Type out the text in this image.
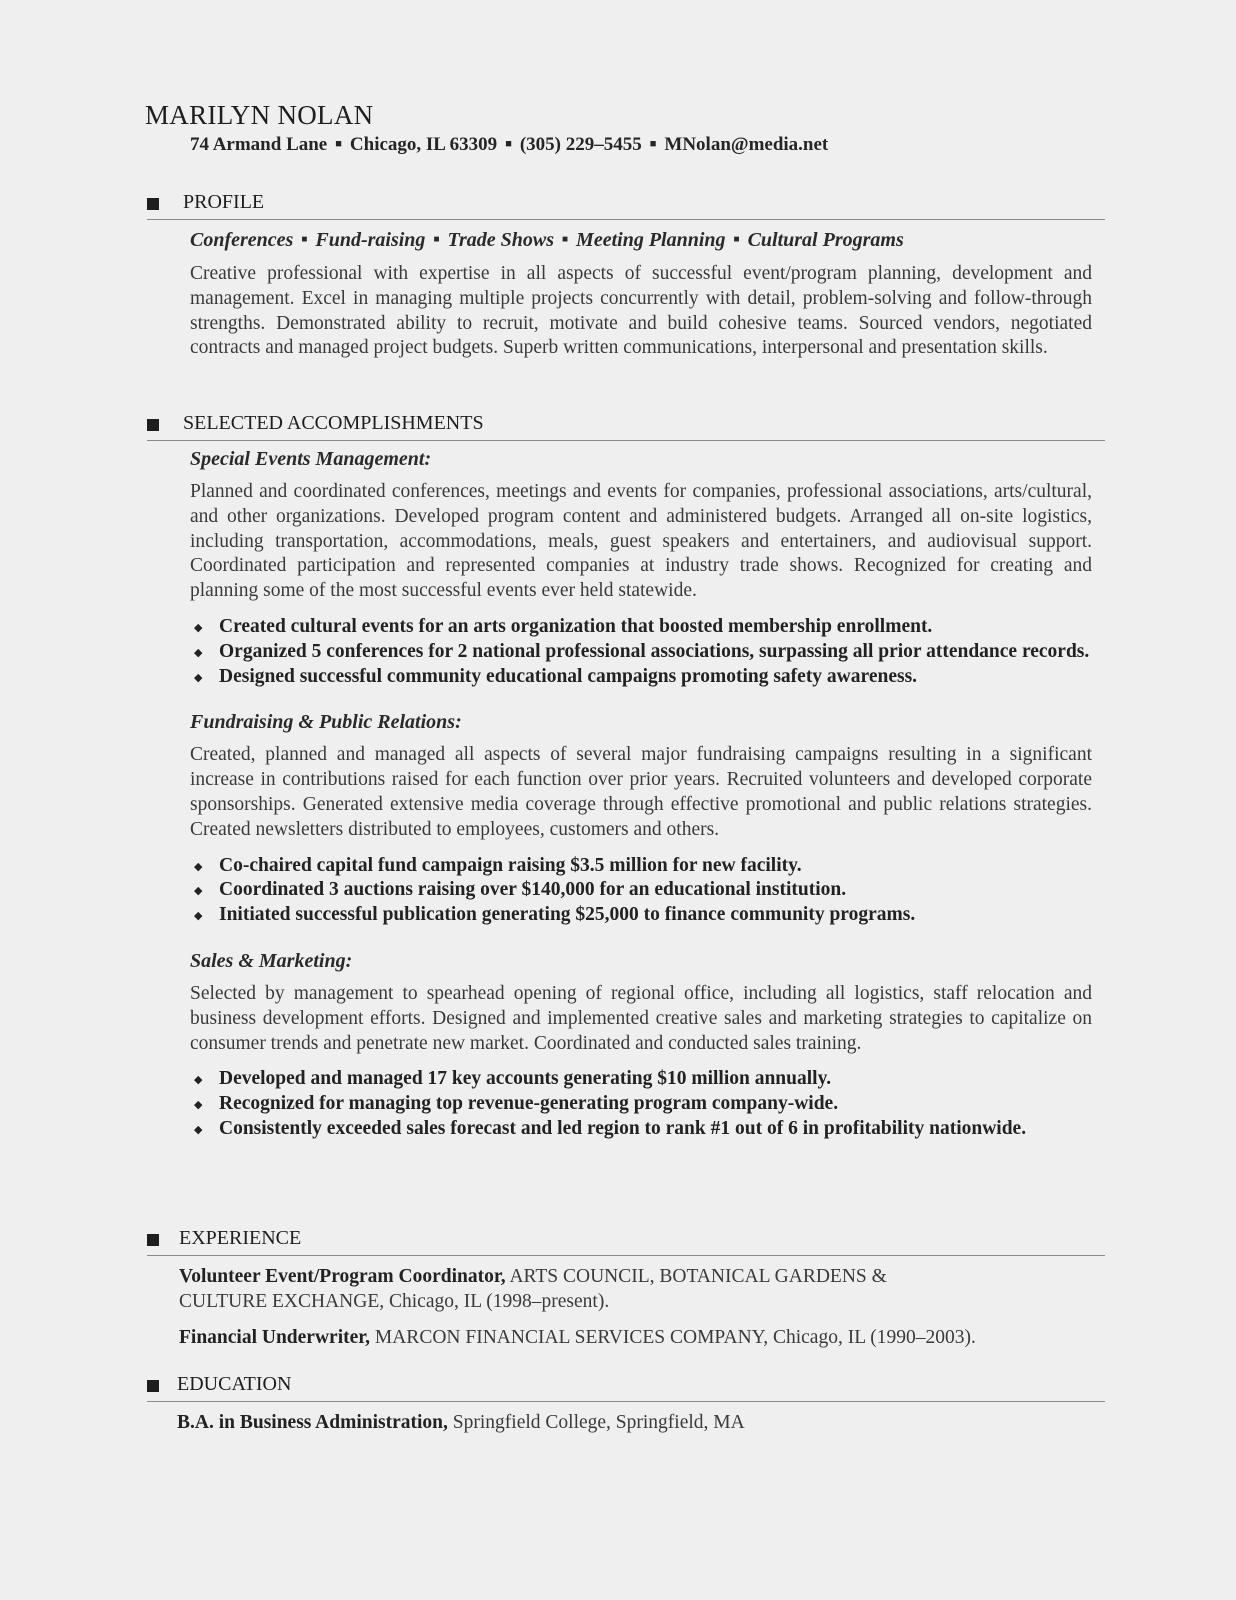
MARILYN NOLAN
74 Armand Lane ■ Chicago, IL 63309 ■ (305) 229–5455 ■ MNolan@media.net
PROFILE
Conferences ■ Fund-raising ■ Trade Shows ■ Meeting Planning ■ Cultural Programs

Creative professional with expertise in all aspects of successful event/program planning, development and management. Excel in managing multiple projects concurrently with detail, problem-solving and follow-through strengths. Demonstrated ability to recruit, motivate and build cohesive teams. Sourced vendors, negotiated contracts and managed project budgets. Superb written communications, interpersonal and presentation skills.

SELECTED ACCOMPLISHMENTS
Special Events Management:

Planned and coordinated conferences, meetings and events for companies, professional associations, arts/cultural, and other organizations. Developed program content and administered budgets. Arranged all on-site logistics, including transportation, accommodations, meals, guest speakers and entertainers, and audiovisual support. Coordinated participation and represented companies at industry trade shows. Recognized for creating and planning some of the most successful events ever held statewide.

◆ Created cultural events for an arts organization that boosted membership enrollment.
◆ Organized 5 conferences for 2 national professional associations, surpassing all prior attendance records.
◆ Designed successful community educational campaigns promoting safety awareness.
Fundraising & Public Relations:

Created, planned and managed all aspects of several major fundraising campaigns resulting in a significant increase in contributions raised for each function over prior years. Recruited volunteers and developed corporate sponsorships. Generated extensive media coverage through effective promotional and public relations strategies. Created newsletters distributed to employees, customers and others.

◆ Co-chaired capital fund campaign raising $3.5 million for new facility.
◆ Coordinated 3 auctions raising over $140,000 for an educational institution.
◆ Initiated successful publication generating $25,000 to finance community programs.
Sales & Marketing:

Selected by management to spearhead opening of regional office, including all logistics, staff relocation and business development efforts. Designed and implemented creative sales and marketing strategies to capitalize on consumer trends and penetrate new market. Coordinated and conducted sales training.

◆ Developed and managed 17 key accounts generating $10 million annually.
◆ Recognized for managing top revenue-generating program company-wide.
◆ Consistently exceeded sales forecast and led region to rank #1 out of 6 in profitability nationwide.
EXPERIENCE
Volunteer Event/Program Coordinator, ARTS COUNCIL, BOTANICAL GARDENS &
CULTURE EXCHANGE, Chicago, IL (1998–present).
Financial Underwriter, MARCON FINANCIAL SERVICES COMPANY, Chicago, IL (1990–2003).
EDUCATION
B.A. in Business Administration, Springfield College, Springfield, MA
